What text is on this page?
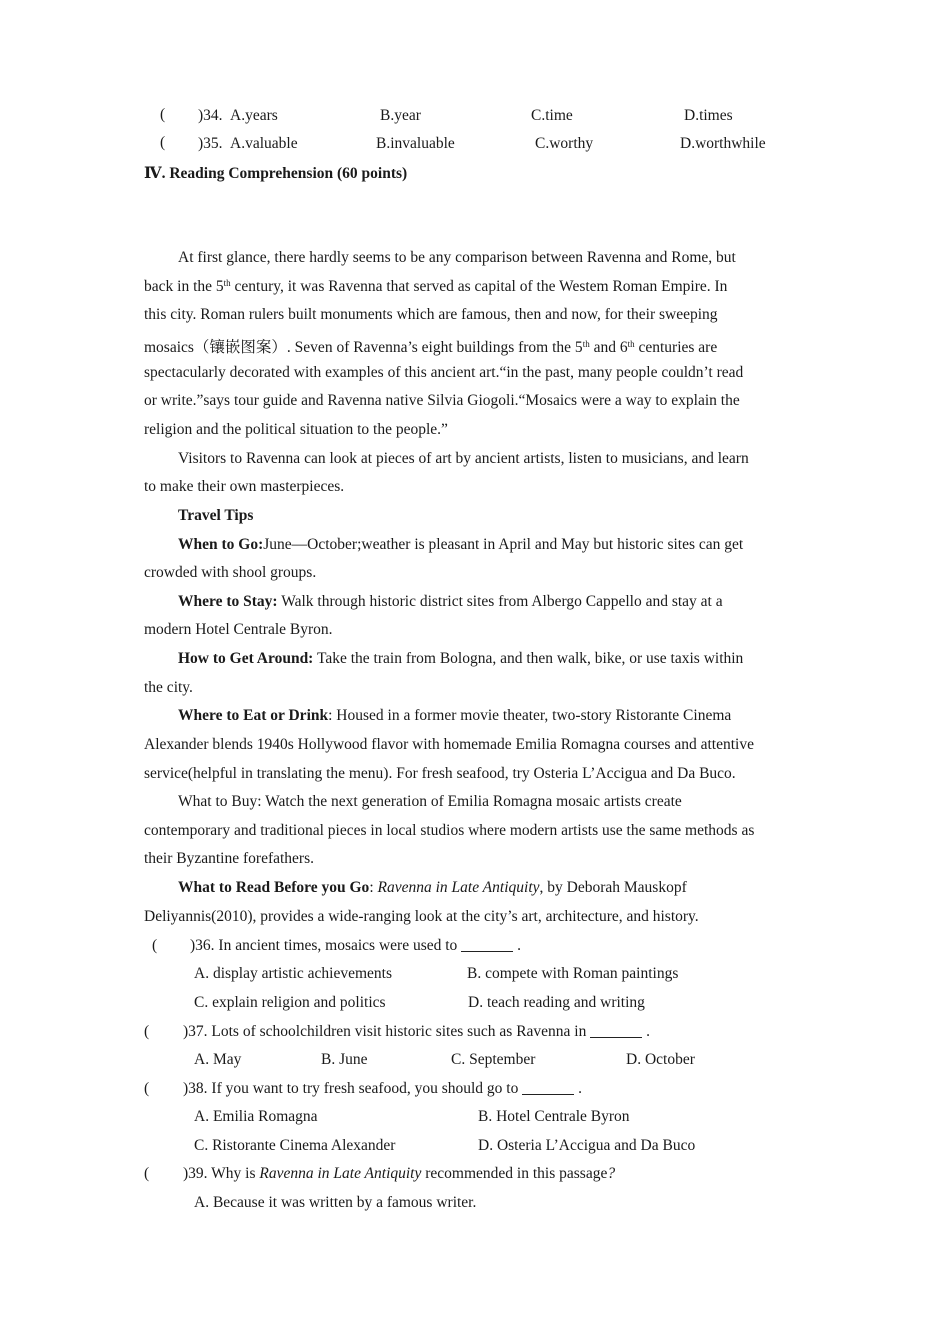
( )34. A.years	B.year	C.time	D.times
( )35. A.valuable	B.invaluable	C.worthy	D.worthwhile
Ⅳ. Reading Comprehension (60 points)
At first glance, there hardly seems to be any comparison between Ravenna and Rome, but
back in the 5th century, it was Ravenna that served as capital of the Westem Roman Empire. In
this city. Roman rulers built monuments which are famous, then and now, for their sweeping
mosaics（镶嵌图案）. Seven of Ravenna’s eight buildings from the 5th and 6th centuries are
spectacularly decorated with examples of this ancient art.“in the past, many people couldn’t read
or write.”says tour guide and Ravenna native Silvia Giogoli.“Mosaics were a way to explain the
religion and the political situation to the people.”
Visitors to Ravenna can look at pieces of art by ancient artists, listen to musicians, and learn
to make their own masterpieces.
Travel Tips
When to Go:June—October;weather is pleasant in April and May but historic sites can get
crowded with shool groups.
Where to Stay: Walk through historic district sites from Albergo Cappello and stay at a
modern Hotel Centrale Byron.
How to Get Around: Take the train from Bologna, and then walk, bike, or use taxis within
the city.
Where to Eat or Drink: Housed in a former movie theater, two-story Ristorante Cinema
Alexander blends 1940s Hollywood flavor with homemade Emilia Romagna courses and attentive
service(helpful in translating the menu). For fresh seafood, try Osteria L’Accigua and Da Buco.
What to Buy: Watch the next generation of Emilia Romagna mosaic artists create
contemporary and traditional pieces in local studios where modern artists use the same methods as
their Byzantine forefathers.
What to Read Before you Go: Ravenna in Late Antiquity, by Deborah Mauskopf
Deliyannis(2010), provides a wide-ranging look at the city’s art, architecture, and history.
( )36. In ancient times, mosaics were used to	.
A. display artistic achievements	B. compete with Roman paintings
C. explain religion and politics	D. teach reading and writing
( )37. Lots of schoolchildren visit historic sites such as Ravenna in	.
A. May	B. June	C. September	D. October
( )38. If you want to try fresh seafood, you should go to	.
A. Emilia Romagna	B. Hotel Centrale Byron
C. Ristorante Cinema Alexander	D. Osteria L’Accigua and Da Buco
( )39. Why is Ravenna in Late Antiquity recommended in this passage?
A. Because it was written by a famous writer.
